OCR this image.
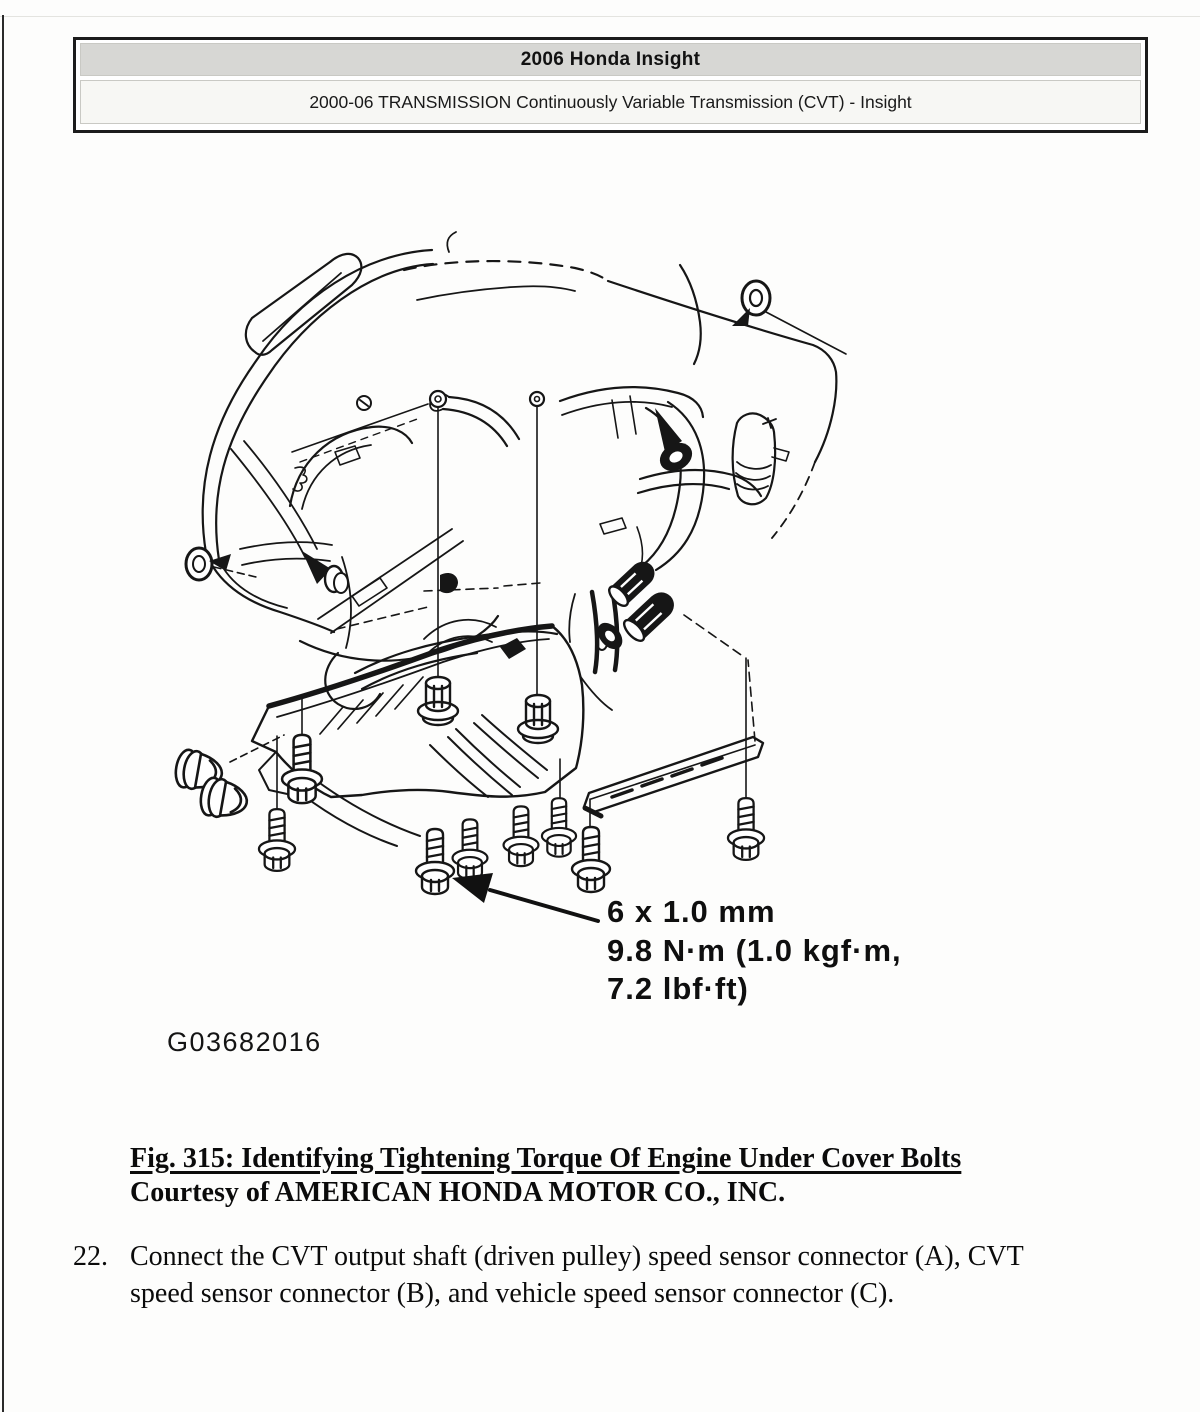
2006 Honda Insight
2000-06 TRANSMISSION Continuously Variable Transmission (CVT) - Insight
6 x 1.0 mm
9.8 N·m (1.0 kgf·m,
7.2 lbf·ft)
G03682016
Fig. 315: Identifying Tightening Torque Of Engine Under Cover Bolts
Courtesy of AMERICAN HONDA MOTOR CO., INC.
22. Connect the CVT output shaft (driven pulley) speed sensor connector (A), CVT speed sensor connector (B), and vehicle speed sensor connector (C).
